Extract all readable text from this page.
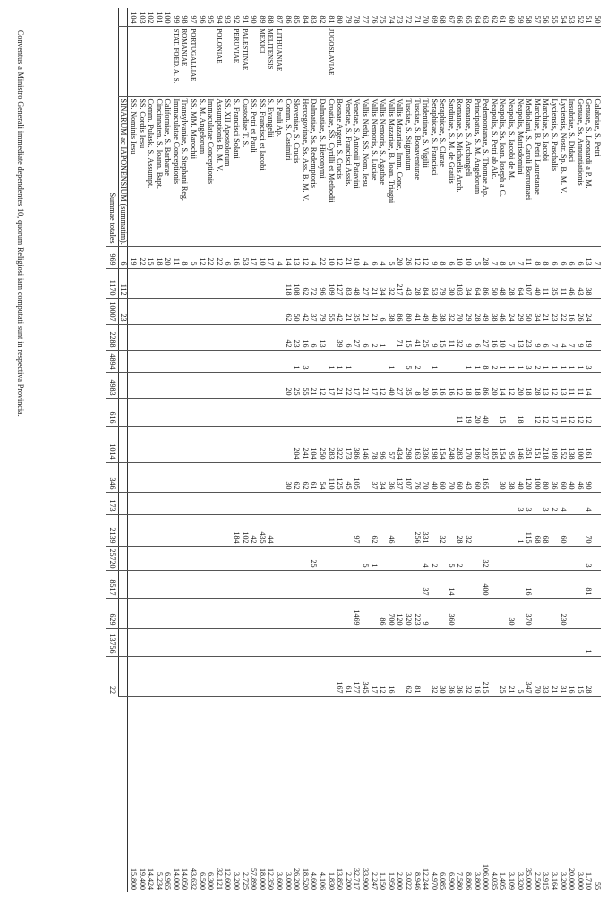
50		Calabriae, S. Petri	7																55
51		Genuae, S. Leonardi a P. M.	13	38	24	19	3	14	12	161	90	4	70	3	81		1	28	1.710
52		Genuae, Ss. Annuntiationis	6	43	26	9	1	11	12	100	46							15	3.000
53		Insubriae, S. Didaci	6	46	16	7	1	11	12	138	40							16	20.000
54		Lyciensis, Nostr. Sp. B. M. V.	6	11	22	4	1	13	11	152	60	4	60			230		31	3.200
55		Lyciensis, S. Paschalis	6	35	23	7	1	12	17	109	36	2						21	3.164
56		Marchiae, S. Iacobi	8	11	21	6	1	13	12	218	80	3	68					33	3.915
57		Marchiae, B. Petri Lauretanae	8	40	34	9	2	28	12	151	100		68					70	2.500
58		Mediolani, S. Caroli Borromaei	11	107	50	23	3	18		351	120	3	115		16	370		347	35.000
59		Neapolis, Matrisdomini	7	64	29	13	1	20	18	146	40	3	1					5	3.320
60		Neapolis, S. Iacobi de M.	5	28	24	7	1	12		95	38					30		21	3.109
61		Neapolis, Ss. Ioan. Ioseph a C.	8	48	46	10	1	14	15	154	30							25	1.405
62		Neapolis, S. Petri ab Alc.	7	50	38	16	2	20		185									4.035
63		Pedemontanae, S. Thomae Ap.	28	86	49	27	8	86	40	237	165			32	400			215	106.000
64		Principatus, S. M. Angelorum	5	64	28	6	1	18	20	186	60							16	3.800
65		Romanae, S. Archangeli	10	34	29	9	1	18	19	170	43		32					32	8.806
66		Romanae, S. Michaelis Arch.	10	103	70	32		12	11	283	60		28	2				36	7.580
67		Sardiniae, S. M. de Gratiis	6	30	32	11		16		248	70			5	14	360		36	6.900
68		Seraphicae, S. Clarae	8	79	38	15		16		154	60		32					30	6.085
69		Seraphicae, S. Francisci	9	53	40	9	1	16		198	40			2				32	4.970
70		Tridentinae, S. Vigilii	12	84	49	25		20		336	70		331	4	37	9			12.244
71		Tusciae, S. Bonaventurae	12	28	41	41	2	8		163	76		256			223		81	8.946
72		Tusciae, S. Stigmatum	26	43	80	15	5	35		298	107					320		62	3.022
73		Vallis Mazariae, Imm. Conc.	20	217	86	71		27		434	137					120			2.000
74		Vallis Mazariae, B. Ioan. Triagni	5	32	38		1	40		57	36		46			700		16	1.950
75		Vallis Nemoris, S. Agathae	4	34	6	1		12		96	34					86		12	1.150
76		Vallis Nemoris, S. Luciae	6	21	21	2		17		78	37		62	1				17	2.247
77		Vallis Nethi, SS. Nom. Iesu	4	27	21	6		21		146				5				345	33.900
78		Venetae, S. Antonii Patavini	10	48	35	27		17		386	105		97			1469		177	32.717
79		Venetae, S. Francisci Assis.	21	83	21	6	1	22		173	45							61	2.200
80		Bosnae Argent. S. Crucis	12	127	42	39	1	21		322	125							167	13.850
81	JUGOSLAVIAE	Croatiae, SS. Cyrilli et Methodii	10	109	55		1	17		283	110								1.830
82		Dalmatiae, S. Hieronymi	22	96	79	13		12		250	54								4.106
83		Dalmatiae, Ss. Redemptoris	4	72	37	6		21		104	61			25					4.600
84		Hercegovinae, Ss. Ass. B. M. V.	12	62	42	16	3	55		241	62								18.520
85		Sloveniae, S. Crucis	13	108	50	23	1	25		204	62								26.200
86		Comm. S. Casimiri	14	118	62	42		20			30								3.000
87	LITHUANIAE	S. Pauli Ap.	4																3.600
88	MELITENSIS	S. Evangelii	17										44						12.350
89	MEXICI	SS. Francisci et Iacobi	10										435						18.000
90		SS. Petri et Pauli	17										42						57.890
91	PALESTINAE	Custodiae T. S.	53										102						2.725
92	PERUVIAE	S. Francisci Solani	16										184						3.200
93		SS. XII Apostolorum	6																12.600
94	POLONIAE	Assumptionis B. M. V.	22																32.121
95		Immaculatae Conceptionis	22																6.300
96		S. M. Angelorum	12																6.500
97	PORTUGALLIAE	SS. MM. Marochii	5																43.632
98	ROMANIAE	Transylvaniae, S. Stephani Reg.	8																14.050
99	STAT. FOED. A. S.	Immaculatae Conceptionis	11																14.000
100		Californiae, S. Barbarae	20																6.965
101		Cincinnaten. S. Ioann. Bapt.	18																5.234
102		Comm. Pulask. S. Assumpt.	15																14.424
103		SS. Cordis Iesu	22																19.400
104		SS. Nominis Iesu	19																15.800
		SINARUM ac IAPONENSIUM (summatim).	6	112	23														
Summae totales			969	1170	10007	2288	4894	4983	616	1014	346	173	2139	25720	8517	629	13756	22	
Conventus a Ministro Generali immediate dependentes 10, quorum Religiosi iam computati sunt in respectiva Provincia.
